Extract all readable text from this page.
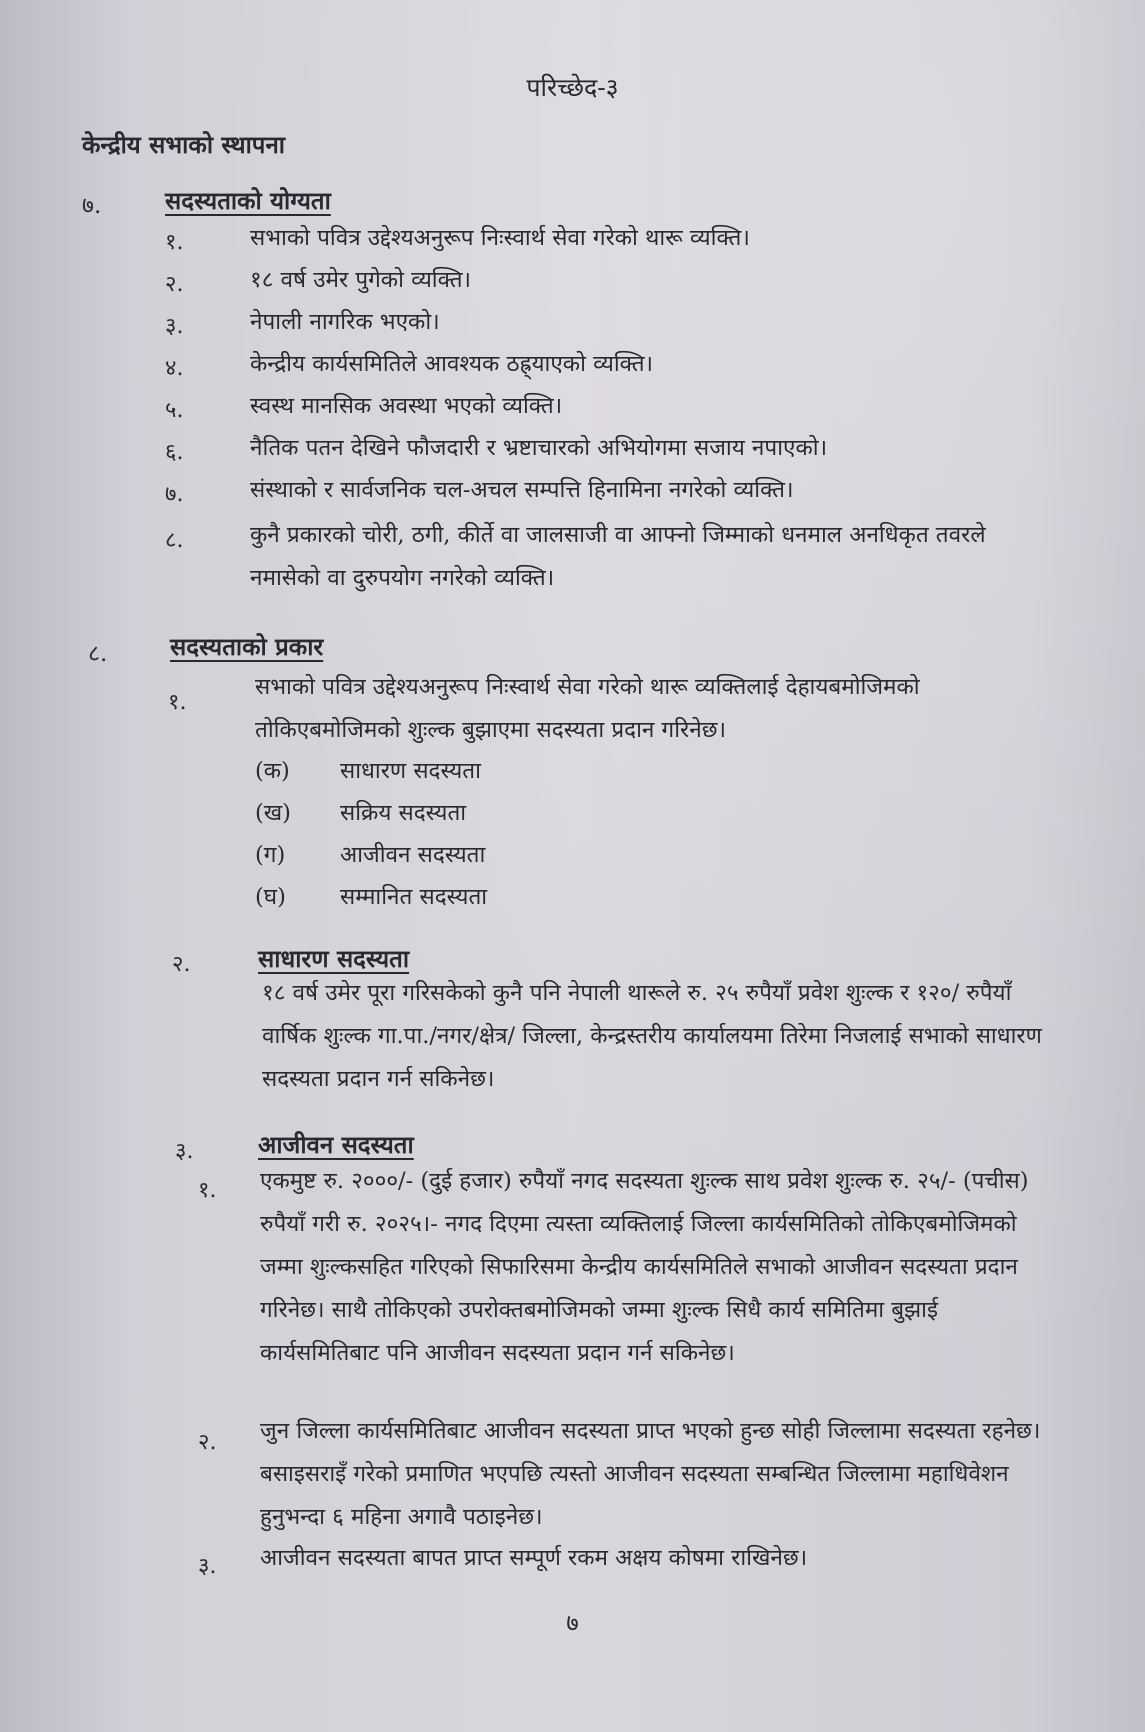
परिच्छेद-३
केन्द्रीय सभाको स्थापना
७.	सदस्यताको योग्यता
१.	सभाको पवित्र उद्देश्यअनुरूप निःस्वार्थ सेवा गरेको थारू व्यक्ति।
२.	१८ वर्ष उमेर पुगेको व्यक्ति।
३.	नेपाली नागरिक भएको।
४.	केन्द्रीय कार्यसमितिले आवश्यक ठह्र्याएको व्यक्ति।
५.	स्वस्थ मानसिक अवस्था भएको व्यक्ति।
६.	नैतिक पतन देखिने फौजदारी र भ्रष्टाचारको अभियोगमा सजाय नपाएको।
७.	संस्थाको र सार्वजनिक चल-अचल सम्पत्ति हिनामिना नगरेको व्यक्ति।
८.	कुनै प्रकारको चोरी, ठगी, कीर्ते वा जालसाजी वा आफ्नो जिम्माको धनमाल अनधिकृत तवरले नमासेको वा दुरुपयोग नगरेको व्यक्ति।
८.	सदस्यताको प्रकार
१.
सभाको पवित्र उद्देश्यअनुरूप निःस्वार्थ सेवा गरेको थारू व्यक्तिलाई देहायबमोजिमको तोकिएबमोजिमको शुःल्क बुझाएमा सदस्यता प्रदान गरिनेछ।
(क) साधारण सदस्यता
(ख) सक्रिय सदस्यता
(ग) आजीवन सदस्यता
(घ) सम्मानित सदस्यता
२.	साधारण सदस्यता
१८ वर्ष उमेर पूरा गरिसकेको कुनै पनि नेपाली थारूले रु. २५ रुपैयाँ प्रवेश शुःल्क र १२०/ रुपैयाँ वार्षिक शुःल्क गा.पा./नगर/क्षेत्र/ जिल्ला, केन्द्रस्तरीय कार्यालयमा तिरेमा निजलाई सभाको साधारण सदस्यता प्रदान गर्न सकिनेछ।
३.	आजीवन सदस्यता
१. एकमुष्ट रु. २०००/- (दुई हजार) रुपैयाँ नगद सदस्यता शुःल्क साथ प्रवेश शुःल्क रु. २५/- (पचीस) रुपैयाँ गरी रु. २०२५।- नगद दिएमा त्यस्ता व्यक्तिलाई जिल्ला कार्यसमितिको तोकिएबमोजिमको जम्मा शुःल्कसहित गरिएको सिफारिसमा केन्द्रीय कार्यसमितिले सभाको आजीवन सदस्यता प्रदान गरिनेछ। साथै तोकिएको उपरोक्तबमोजिमको जम्मा शुःल्क सिधै कार्य समितिमा बुझाई कार्यसमितिबाट पनि आजीवन सदस्यता प्रदान गर्न सकिनेछ।
२. जुन जिल्ला कार्यसमितिबाट आजीवन सदस्यता प्राप्त भएको हुन्छ सोही जिल्लामा सदस्यता रहनेछ। बसाइसराइँ गरेको प्रमाणित भएपछि त्यस्तो आजीवन सदस्यता सम्बन्धित जिल्लामा महाधिवेशन हुनुभन्दा ६ महिना अगावै पठाइनेछ।
३. आजीवन सदस्यता बापत प्राप्त सम्पूर्ण रकम अक्षय कोषमा राखिनेछ।
७
